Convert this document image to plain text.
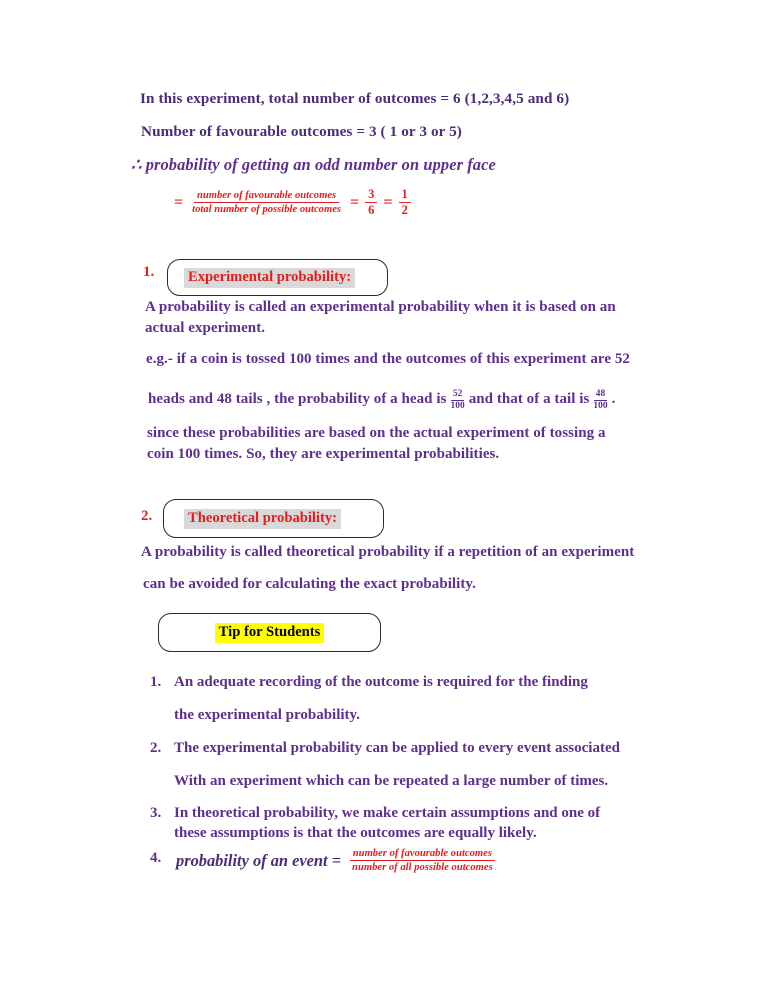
In this experiment, total number of outcomes = 6 (1,2,3,4,5 and 6)
Number of favourable outcomes = 3 ( 1 or 3 or 5)
∴ probability of getting an odd number on upper face
= $\frac{\text{number of favourable outcomes}}{\text{total number of possible outcomes}} = \frac{3}{6} = \frac{1}{2}$
1. Experimental probability:
A probability is called an experimental probability when it is based on an
actual experiment.
e.g.- if a coin is tossed 100 times and the outcomes of this experiment are 52
heads and 48 tails , the probability of a head is $\frac{52}{100}$ and that of a tail is $\frac{48}{100}$ .
since these probabilities are based on the actual experiment of tossing a
coin 100 times. So, they are experimental probabilities.
2. Theoretical probability:
A probability is called theoretical probability if a repetition of an experiment
can be avoided for calculating the exact probability.
Tip for Students
1. An adequate recording of the outcome is required for the finding
the experimental probability.
2. The experimental probability can be applied to every event associated
With an experiment which can be repeated a large number of times.
3. In theoretical probability, we make certain assumptions and one of
these assumptions is that the outcomes are equally likely.
4. probability of an event = $\frac{\text{number of favourable outcomes}}{\text{number of all possible outcomes}}$
